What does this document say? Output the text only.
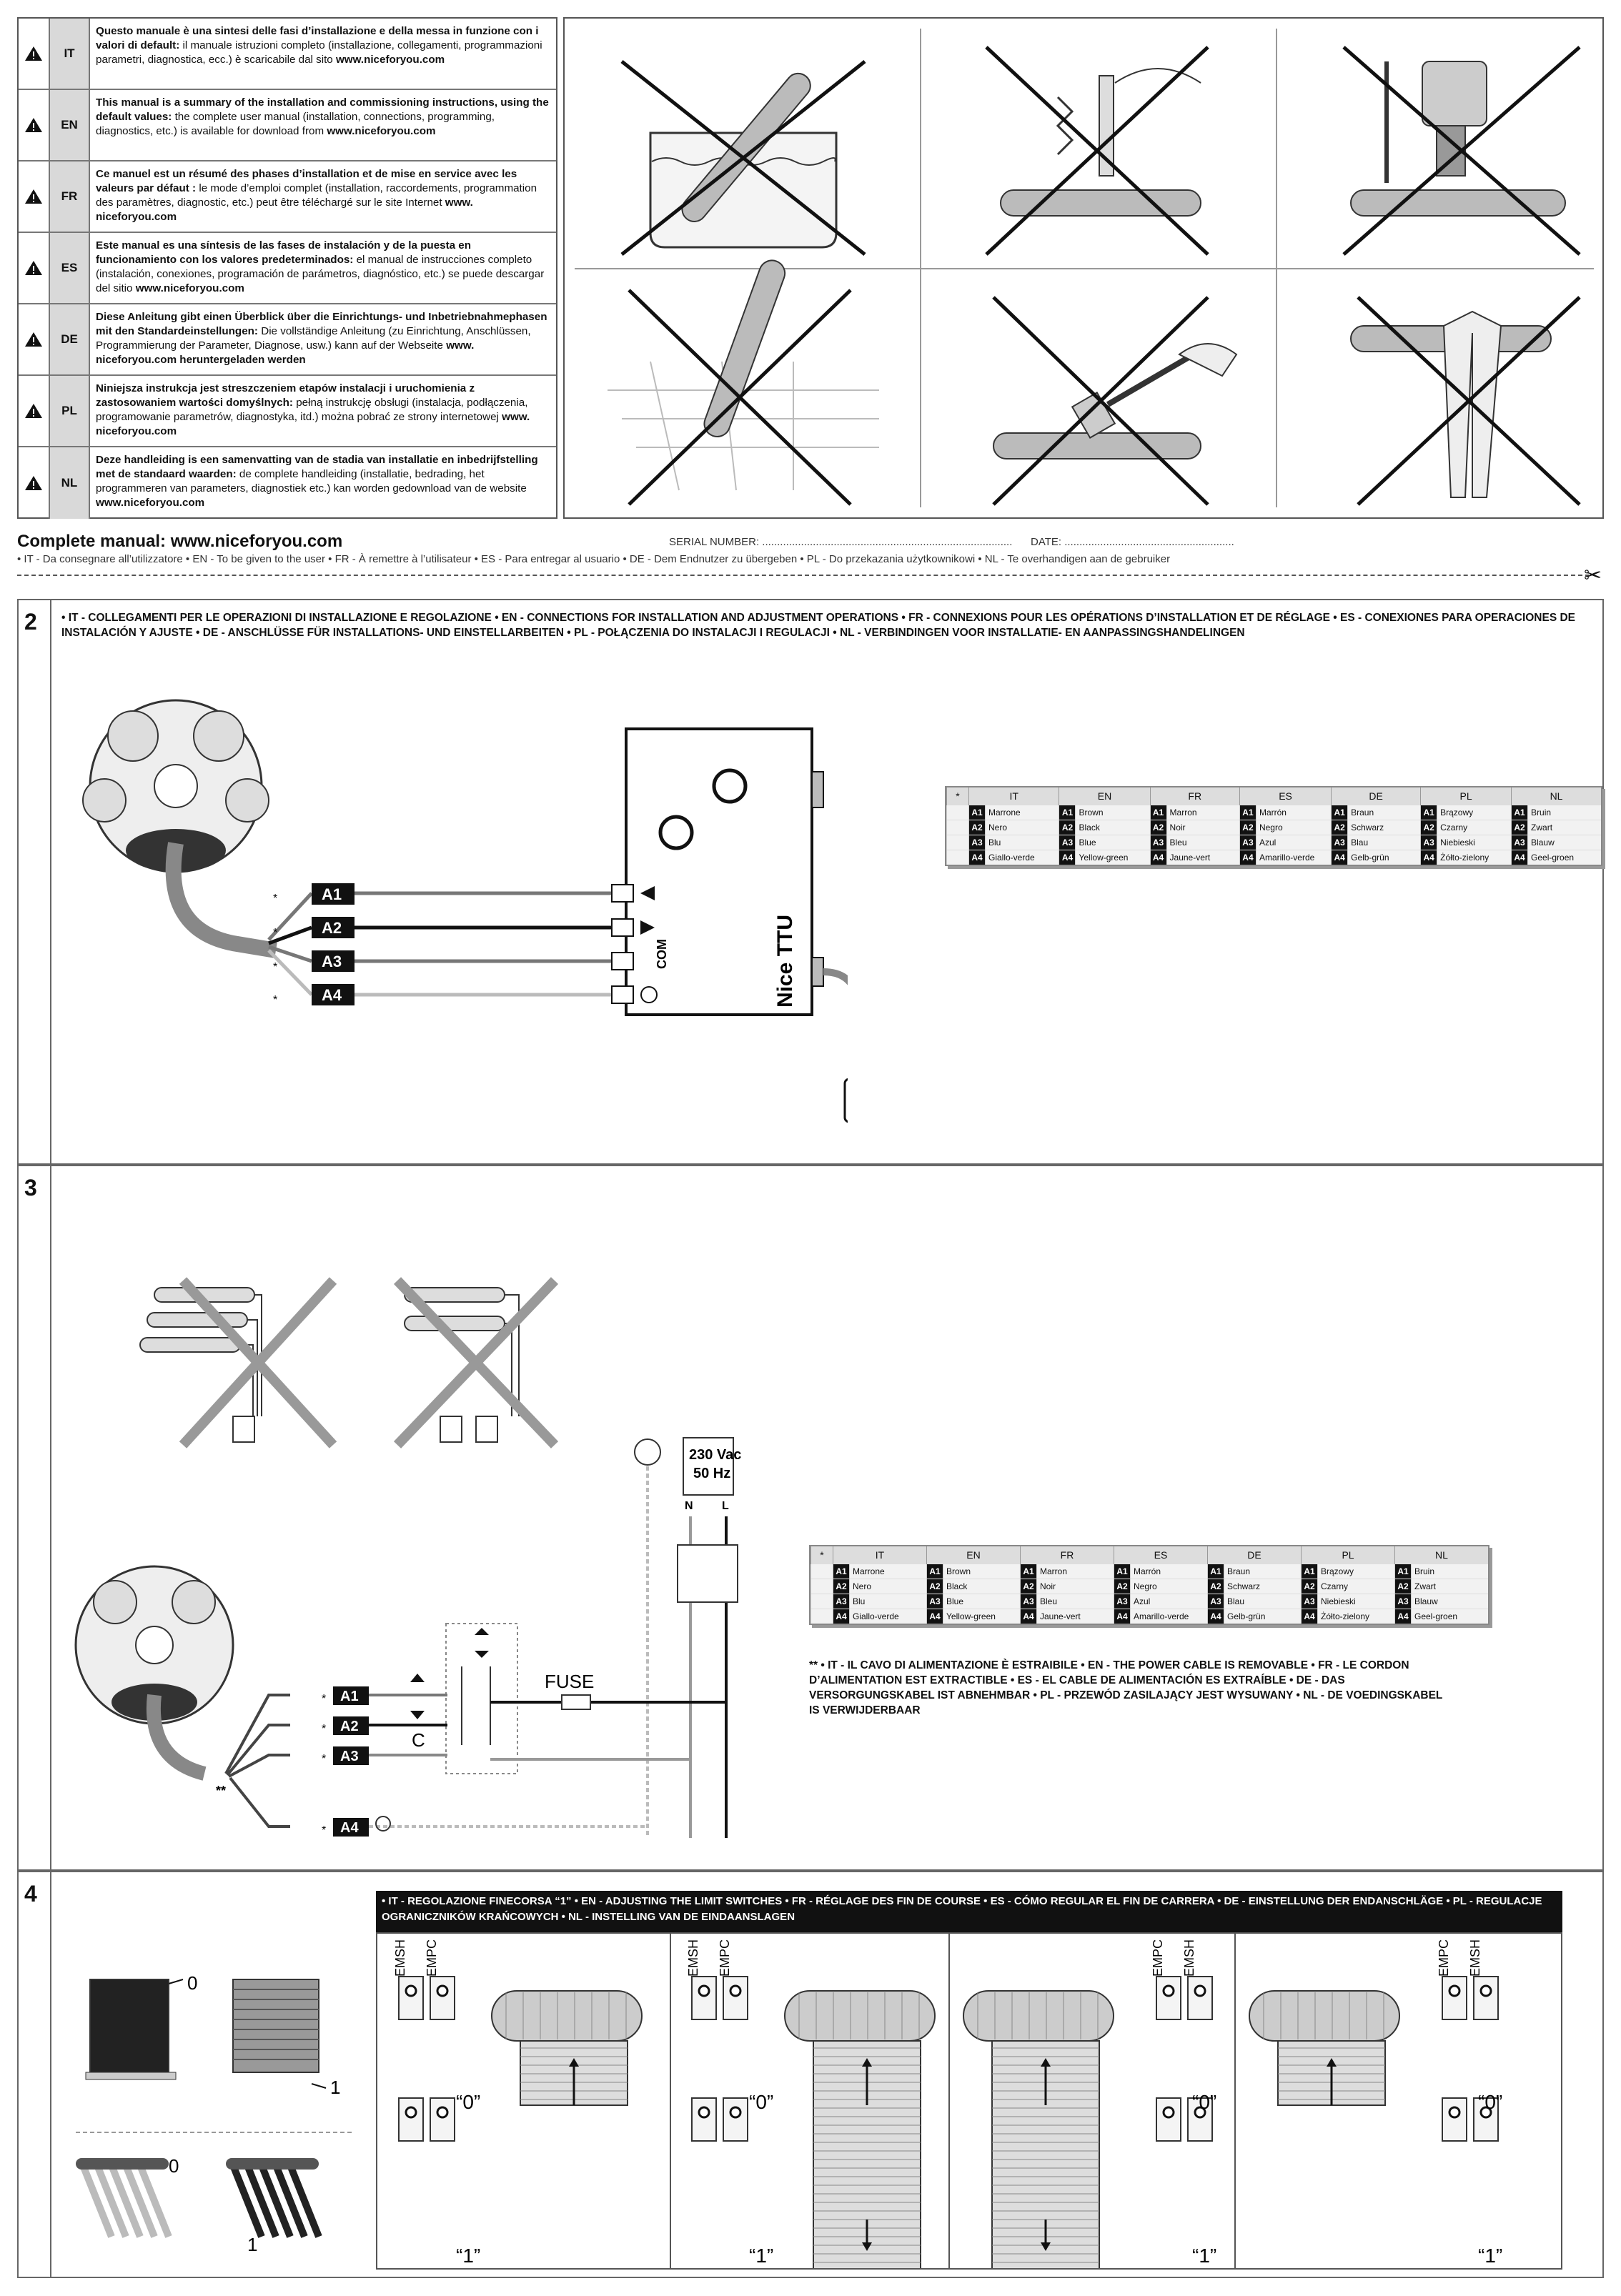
IT
Questo manuale è una sintesi delle fasi d’installazione e della messa in funzione con i valori di default: il manuale istruzioni completo (installazione, collegamenti, programmazioni parametri, diagnostica, ecc.) è scaricabile dal sito www.niceforyou.com
EN
This manual is a summary of the installation and commissioning instructions, using the default values: the complete user manual (installation, connections, programming, diagnostics, etc.) is available for download from www.niceforyou.com
FR
Ce manuel est un résumé des phases d’installation et de mise en service avec les valeurs par défaut : le mode d’emploi complet (installation, raccordements, programmation des paramètres, diagnostic, etc.) peut être téléchargé sur le site Internet www. niceforyou.com
ES
Este manual es una síntesis de las fases de instalación y de la puesta en funcionamiento con los valores predeterminados: el manual de instrucciones completo (instalación, conexiones, programación de parámetros, diagnóstico, etc.) se puede descargar del sitio www.niceforyou.com
DE
Diese Anleitung gibt einen Überblick über die Einrichtungs- und Inbetriebnahmephasen mit den Standardeinstellungen: Die vollständige Anleitung (zu Einrichtung, Anschlüssen, Programmierung der Parameter, Diagnose, usw.) kann auf der Webseite www. niceforyou.com heruntergeladen werden
PL
Niniejsza instrukcja jest streszczeniem etapów instalacji i uruchomienia z zastosowaniem wartości domyślnych: pełną instrukcję obsługi (instalacja, podłączenia, programowanie parametrów, diagnostyka, itd.) można pobrać ze strony internetowej www. niceforyou.com
NL
Deze handleiding is een samenvatting van de stadia van installatie en inbedrijfstelling met de standaard waarden: de complete handleiding (installatie, bedrading, het programmeren van parameters, diagnostiek etc.) kan worden gedownload van de website www.niceforyou.com
Complete manual: www.niceforyou.com	SERIAL NUMBER: .................................................................................... DATE: .........................................................
• IT - Da consegnare all’utilizzatore • EN - To be given to the user • FR - À remettre à l’utilisateur • ES - Para entregar al usuario • DE - Dem Endnutzer zu übergeben • PL - Do przekazania użytkownikowi • NL - Te overhandigen aan de gebruiker
✂
2 • IT - COLLEGAMENTI PER LE OPERAZIONI DI INSTALLAZIONE E REGOLAZIONE • EN - CONNECTIONS FOR INSTALLATION AND ADJUSTMENT OPERATIONS • FR - CONNEXIONS POUR LES OPÉRATIONS D’INSTALLATION ET DE RÉGLAGE • ES - CONEXIONES PARA OPERACIONES DE INSTALACIÓN Y AJUSTE • DE - ANSCHLÜSSE FÜR INSTALLATIONS- UND EINSTELLARBEITEN • PL - POŁĄCZENIA DO INSTALACJI I REGULACJI • NL - VERBINDINGEN VOOR INSTALLATIE- EN AANPASSINGSHANDELINGEN
COM	Nice TTU
*
*
*
*
A1
A2
A3
A4
*	IT		EN		FR		ES		DE		PL		NL	
	A1	Marrone	A1	Brown	A1	Marron	A1	Marrón	A1	Braun	A1	Brązowy	A1	Bruin
	A2	Nero	A2	Black	A2	Noir	A2	Negro	A2	Schwarz	A2	Czarny	A2	Zwart
	A3	Blu	A3	Blue	A3	Bleu	A3	Azul	A3	Blau	A3	Niebieski	A3	Blauw
	A4	Giallo-verde	A4	Yellow-green	A4	Jaune-vert	A4	Amarillo-verde	A4	Gelb-grün	A4	Żółto-zielony	A4	Geel-groen
3
230 Vac
50 Hz
N	L
FUSE
C
**
*
*
*
*
A1
A2
A3
A4
*	IT		EN		FR		ES		DE		PL		NL	
	A1	Marrone	A1	Brown	A1	Marron	A1	Marrón	A1	Braun	A1	Brązowy	A1	Bruin
	A2	Nero	A2	Black	A2	Noir	A2	Negro	A2	Schwarz	A2	Czarny	A2	Zwart
	A3	Blu	A3	Blue	A3	Bleu	A3	Azul	A3	Blau	A3	Niebieski	A3	Blauw
	A4	Giallo-verde	A4	Yellow-green	A4	Jaune-vert	A4	Amarillo-verde	A4	Gelb-grün	A4	Żółto-zielony	A4	Geel-groen
** • IT - IL CAVO DI ALIMENTAZIONE È ESTRAIBILE • EN - THE POWER CABLE IS REMOVABLE • FR - LE CORDON D’ALIMENTATION EST EXTRACTIBLE • ES - EL CABLE DE ALIMENTACIÓN ES EXTRAÍBLE • DE - DAS VERSORGUNGSKABEL IST ABNEHMBAR • PL - PRZEWÓD ZASILAJĄCY JEST WYSUWANY • NL - DE VOEDINGSKABEL IS VERWIJDERBAAR
4	• IT - REGOLAZIONE FINECORSA “1” • EN - ADJUSTING THE LIMIT SWITCHES • FR - RÉGLAGE DES FIN DE COURSE • ES - CÓMO REGULAR EL FIN DE CARRERA • DE - EINSTELLUNG DER ENDANSCHLÄGE • PL - REGULACJE OGRANICZNIKÓW KRAŃCOWYCH • NL - INSTELLING VAN DE EINDAANSLAGEN
0
1
0
1
EMSH EMPC
“0”
“1”
EMSH EMPC
“0”
“1”
EMPC EMSH
“0”
“1”
EMPC EMSH
“0”
“1”
